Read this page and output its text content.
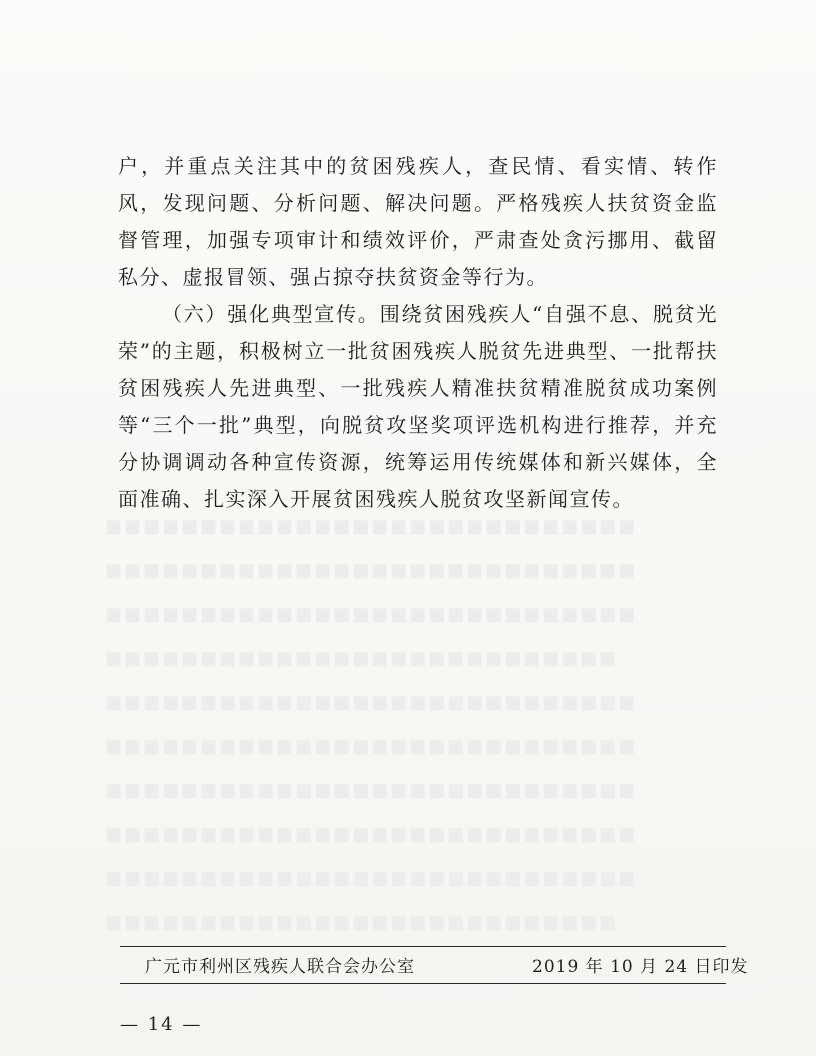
■■■■■■■■■■■■■■■■■■■■■■■■■■■■
■■■■■■■■■■■■■■■■■■■■■■■■■■■■
■■■■■■■■■■■■■■■■■■■■■■■■■■■■
■■■■■■■■■■■■■■■■■■■■■■■■■■■
■■■■■■■■■■■■■■■■■■■■■■■■■■■■
■■■■■■■■■■■■■■■■■■■■■■■■■■■■
■■■■■■■■■■■■■■■■■■■■■■■■■■■■
■■■■■■■■■■■■■■■■■■■■■■■■■■■■
■■■■■■■■■■■■■■■■■■■■■■■■■■■■
■■■■■■■■■■■■■■■■■■■■■■■■■■■

户，并重点关注其中的贫困残疾人，查民情、看实情、转作风，发现问题、分析问题、解决问题。严格残疾人扶贫资金监督管理，加强专项审计和绩效评价，严肃查处贪污挪用、截留私分、虚报冒领、强占掠夺扶贫资金等行为。

（六）强化典型宣传。围绕贫困残疾人“自强不息、脱贫光荣”的主题，积极树立一批贫困残疾人脱贫先进典型、一批帮扶贫困残疾人先进典型、一批残疾人精准扶贫精准脱贫成功案例等“三个一批”典型，向脱贫攻坚奖项评选机构进行推荐，并充分协调调动各种宣传资源，统筹运用传统媒体和新兴媒体，全面准确、扎实深入开展贫困残疾人脱贫攻坚新闻宣传。

广元市利州区残疾人联合会办公室	2019 年 10 月 24 日印发
— 14 —
